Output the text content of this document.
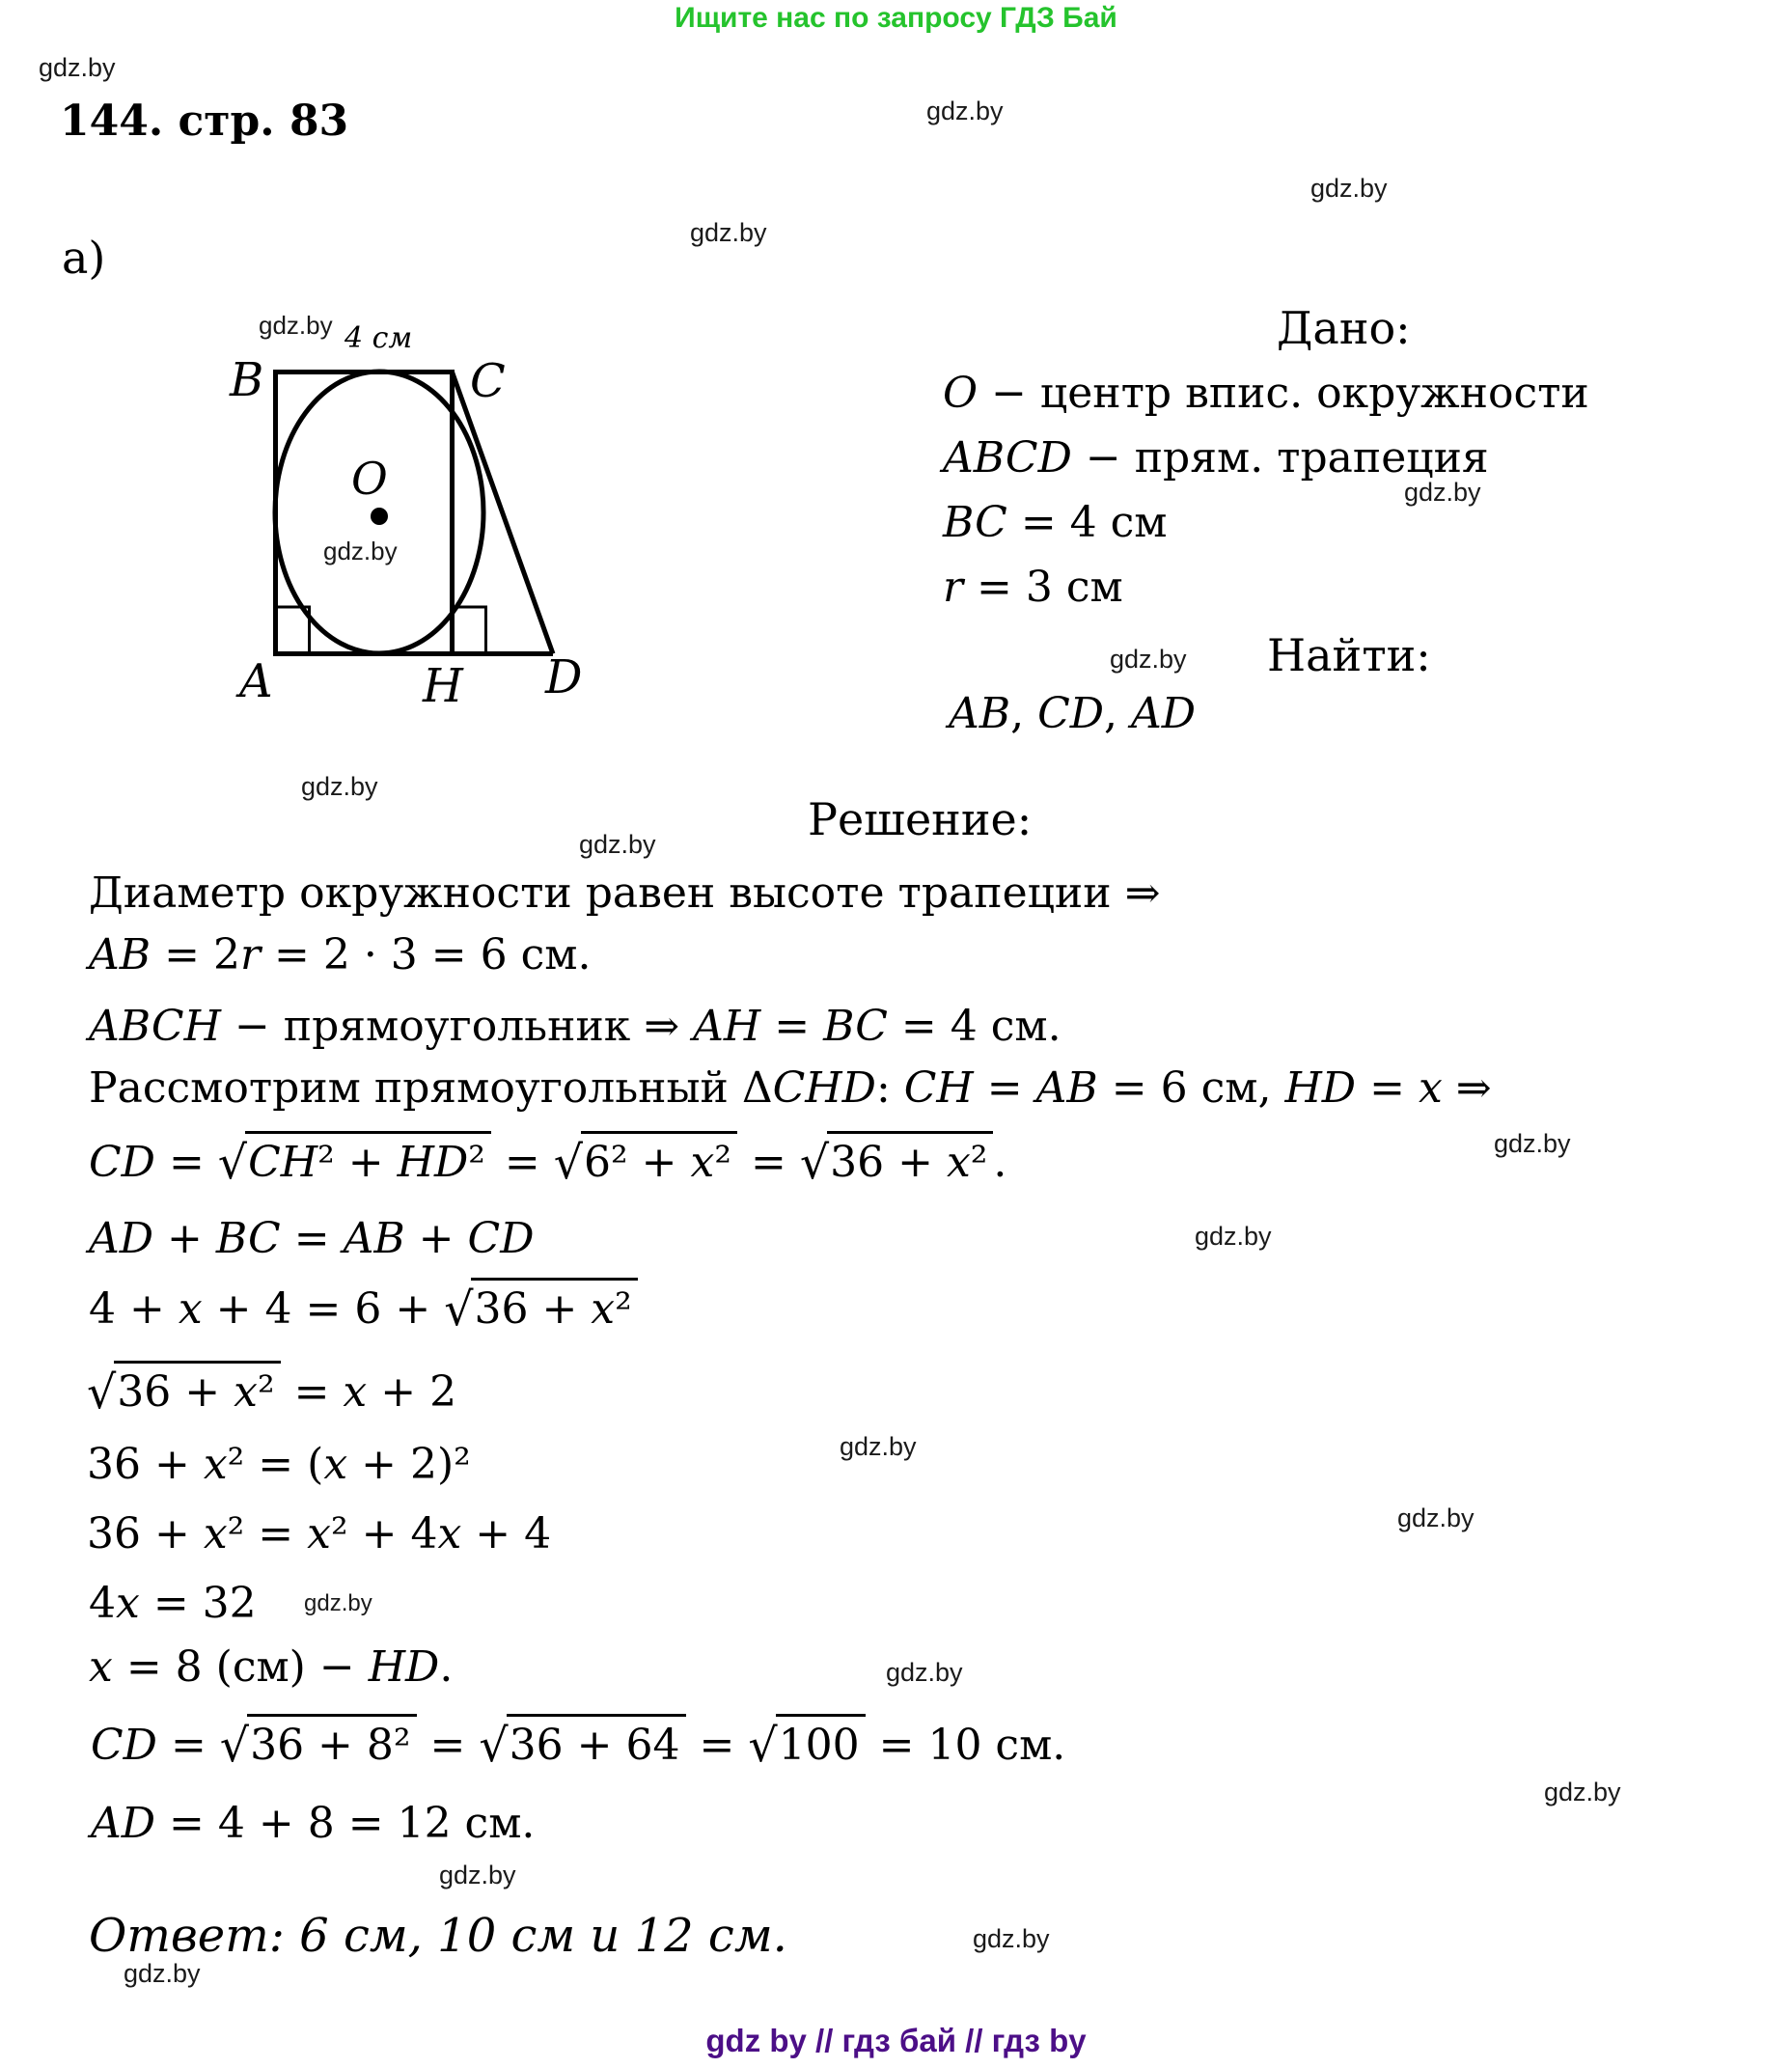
Ищите нас по запросу ГДЗ Бай
144. стр. 83
а)
gdz.by
gdz.by
gdz.by
gdz.by
gdz.by
gdz.by
gdz.by
gdz.by
gdz.by
gdz.by
gdz.by
gdz.by
gdz.by
gdz.by
gdz.by
gdz.by
gdz.by
gdz.by
gdz.by 4 см
B	C
O
gdz.by
A	H D
Дано:
O − центр впис. окружности
ABCD − прям. трапеция
BC = 4 см
r = 3 см
Найти:
AB, CD, AD
Решение:
Диаметр окружности равен высоте трапеции ⇒
AB = 2r = 2 · 3 = 6 см.
ABCH − прямоугольник ⇒ AH = BC = 4 см.
Рассмотрим прямоугольный ΔCHD: CH = AB = 6 см, HD = x ⇒
CD = √CH² + HD² = √6² + x² = √36 + x² .
AD + BC = AB + CD
4 + x + 4 = 6 + √36 + x²
√36 + x² = x + 2
36 + x² = (x + 2)²
36 + x² = x² + 4x + 4
4x = 32
x = 8 (см) − HD.
CD = √36 + 8² = √36 + 64 = √100 = 10 см.
AD = 4 + 8 = 12 см.
Ответ: 6 см, 10 см и 12 см.
gdz by // гдз бай // гдз by
